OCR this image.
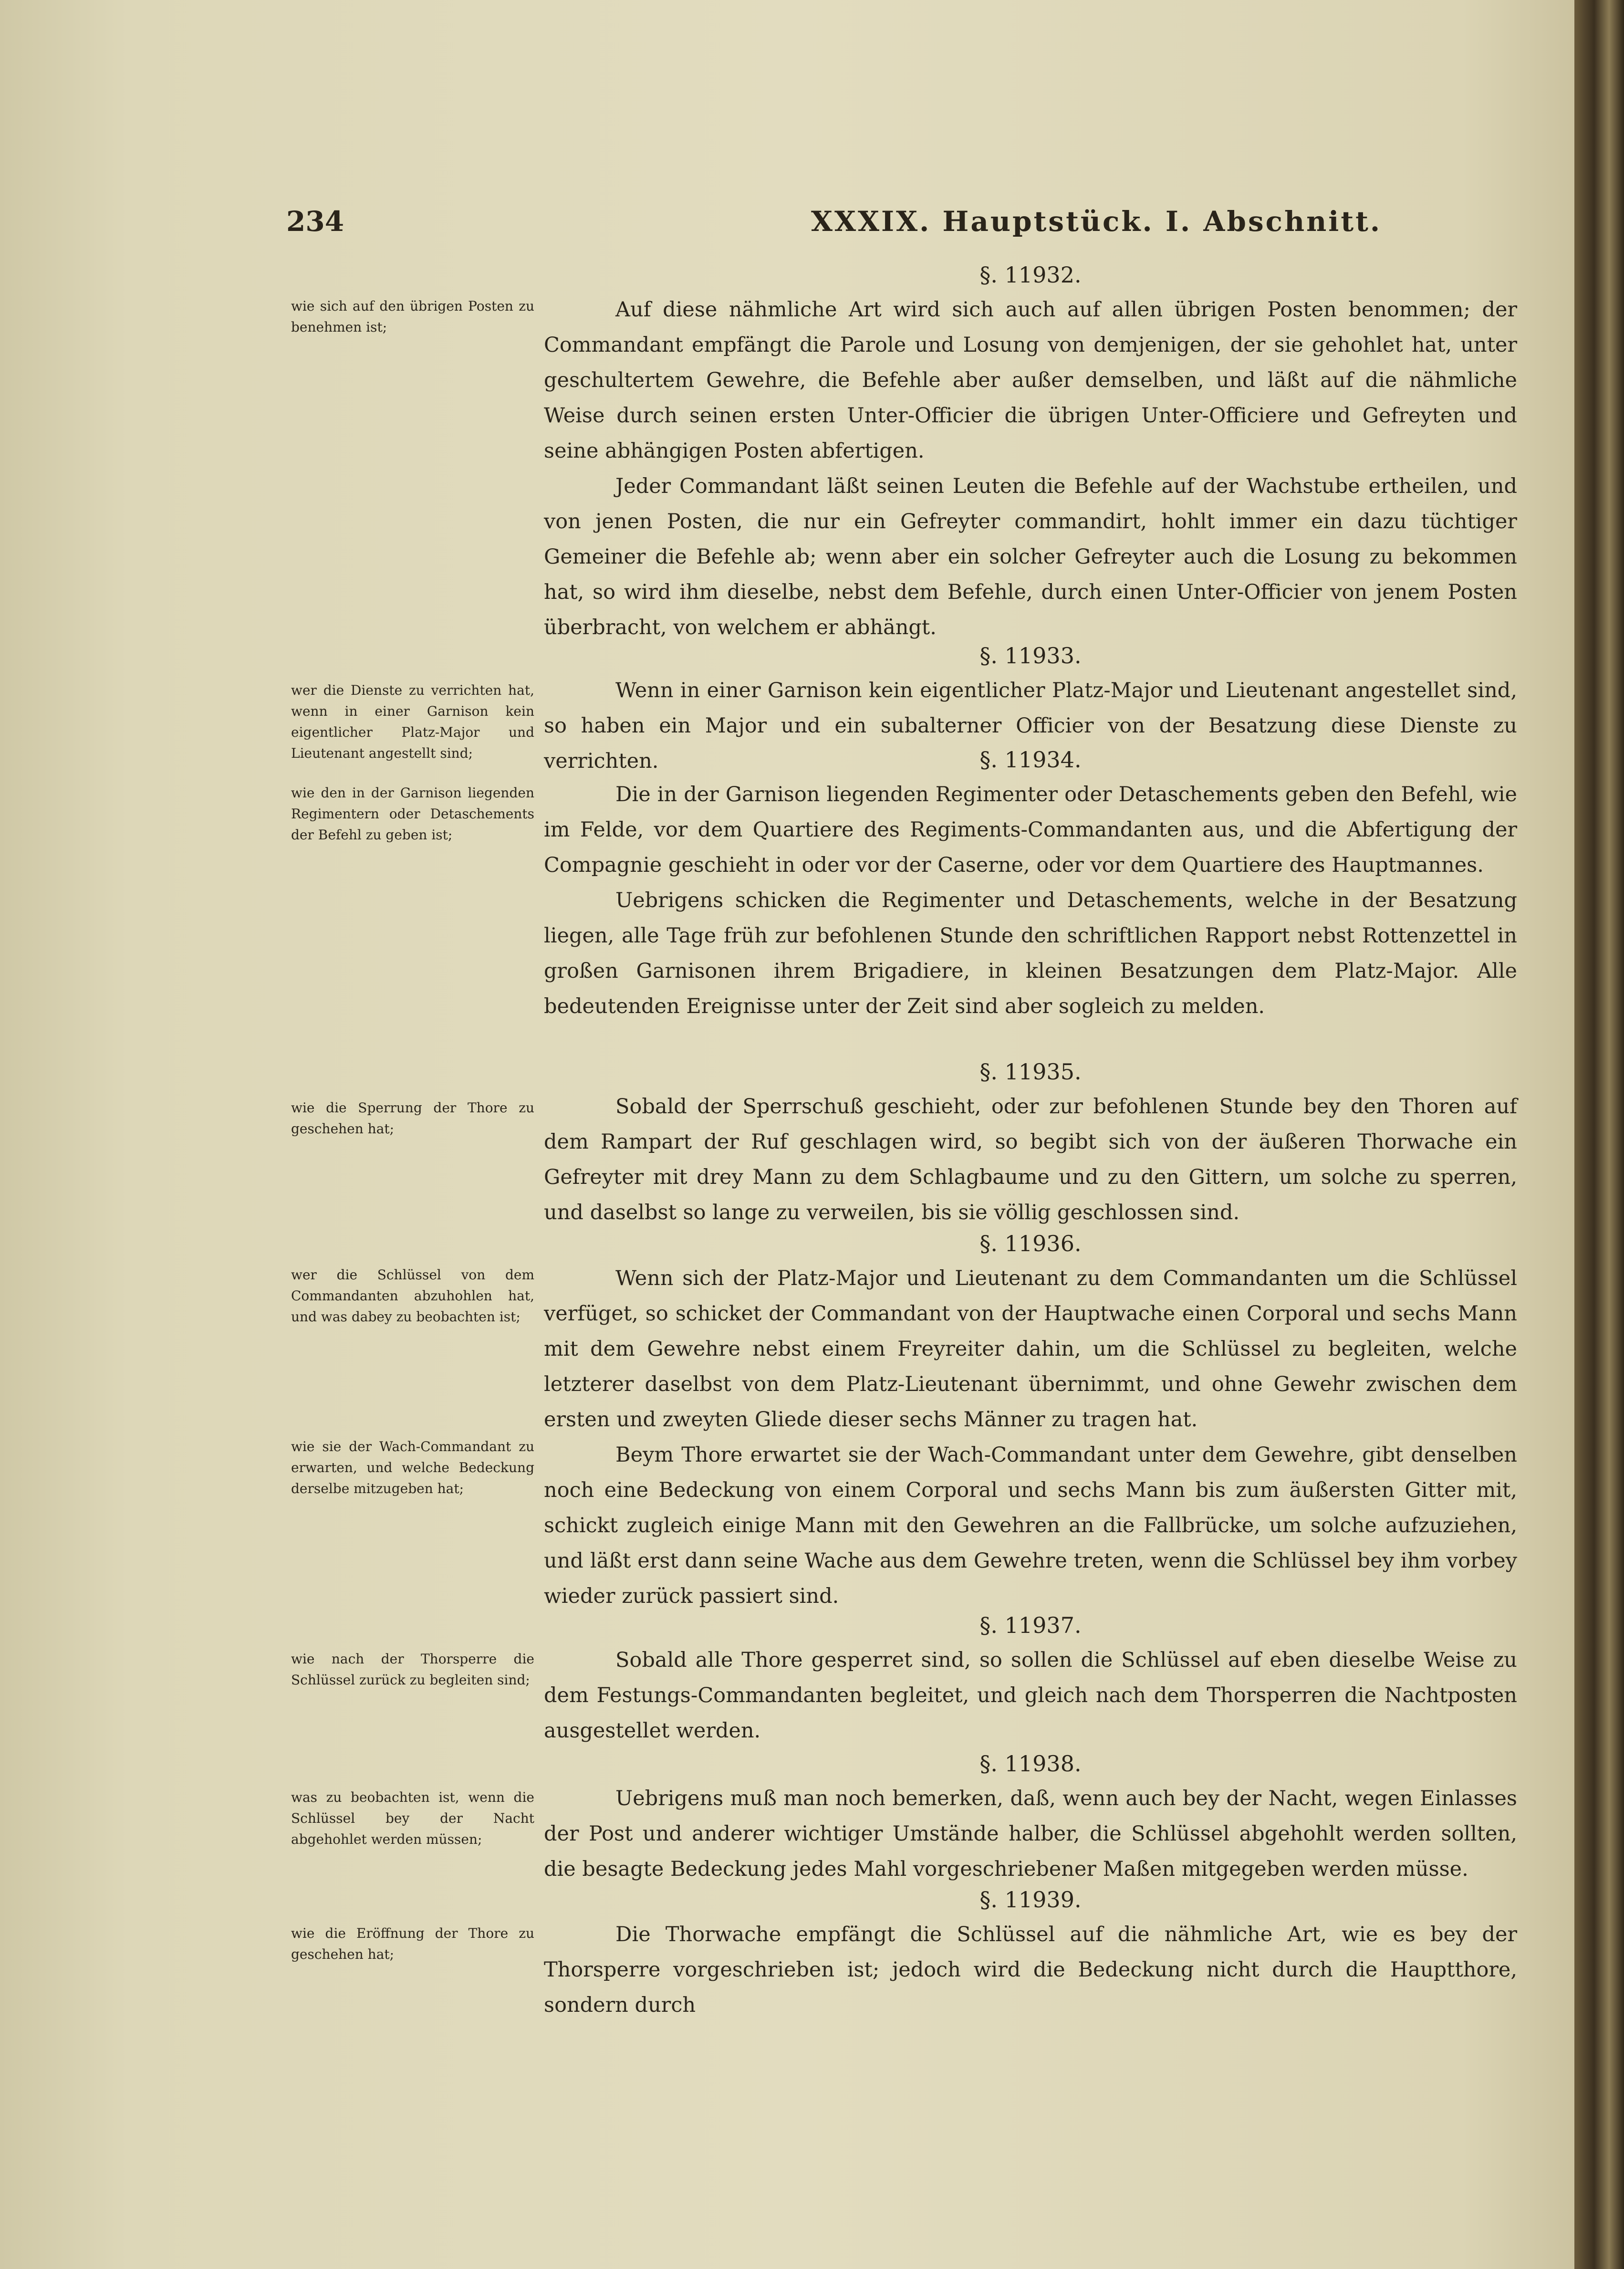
234	XXXIX. Hauptstück. I. Abschnitt.
wie sich auf den übrigen Posten zu benehmen ist;
wer die Dienste zu verrichten hat, wenn in einer Garnison kein eigentlicher Platz-Major und Lieutenant angestellt sind;
wie den in der Garnison liegenden Regimentern oder Detaschements der Befehl zu geben ist;
wie die Sperrung der Thore zu geschehen hat;
wer die Schlüssel von dem Commandanten abzuhohlen hat, und was dabey zu beobachten ist;
wie sie der Wach-Commandant zu erwarten, und welche Bedeckung derselbe mitzugeben hat;
wie nach der Thorsperre die Schlüssel zurück zu begleiten sind;
was zu beobachten ist, wenn die Schlüssel bey der Nacht abgehohlet werden müssen;
wie die Eröffnung der Thore zu geschehen hat;

§. 11932.

Auf diese nähmliche Art wird sich auch auf allen übrigen Posten benommen; der Commandant empfängt die Parole und Losung von demjenigen, der sie gehohlet hat, unter geschultertem Gewehre, die Befehle aber außer demselben, und läßt auf die nähmliche Weise durch seinen ersten Unter-Officier die übrigen Unter-Officiere und Gefreyten und seine abhängigen Posten abfertigen.

Jeder Commandant läßt seinen Leuten die Befehle auf der Wachstube ertheilen, und von jenen Posten, die nur ein Gefreyter commandirt, hohlt immer ein dazu tüchtiger Gemeiner die Befehle ab; wenn aber ein solcher Gefreyter auch die Losung zu bekommen hat, so wird ihm dieselbe, nebst dem Befehle, durch einen Unter-Officier von jenem Posten überbracht, von welchem er abhängt.

§. 11933.

Wenn in einer Garnison kein eigentlicher Platz-Major und Lieutenant angestellet sind, so haben ein Major und ein subalterner Officier von der Besatzung diese Dienste zu verrichten.	§. 11934.

Die in der Garnison liegenden Regimenter oder Detaschements geben den Befehl, wie im Felde, vor dem Quartiere des Regiments-Commandanten aus, und die Abfertigung der Compagnie geschieht in oder vor der Caserne, oder vor dem Quartiere des Hauptmannes.

Uebrigens schicken die Regimenter und Detaschements, welche in der Besatzung liegen, alle Tage früh zur befohlenen Stunde den schriftlichen Rapport nebst Rottenzettel in großen Garnisonen ihrem Brigadiere, in kleinen Besatzungen dem Platz-Major. Alle bedeutenden Ereignisse unter der Zeit sind aber sogleich zu melden.

§. 11935.

Sobald der Sperrschuß geschieht, oder zur befohlenen Stunde bey den Thoren auf dem Rampart der Ruf geschlagen wird, so begibt sich von der äußeren Thorwache ein Gefreyter mit drey Mann zu dem Schlagbaume und zu den Gittern, um solche zu sperren, und daselbst so lange zu verweilen, bis sie völlig geschlossen sind.

§. 11936.

Wenn sich der Platz-Major und Lieutenant zu dem Commandanten um die Schlüssel verfüget, so schicket der Commandant von der Hauptwache einen Corporal und sechs Mann mit dem Gewehre nebst einem Freyreiter dahin, um die Schlüssel zu begleiten, welche letzterer daselbst von dem Platz-Lieutenant übernimmt, und ohne Gewehr zwischen dem ersten und zweyten Gliede dieser sechs Männer zu tragen hat.

Beym Thore erwartet sie der Wach-Commandant unter dem Gewehre, gibt denselben noch eine Bedeckung von einem Corporal und sechs Mann bis zum äußersten Gitter mit, schickt zugleich einige Mann mit den Gewehren an die Fallbrücke, um solche aufzuziehen, und läßt erst dann seine Wache aus dem Gewehre treten, wenn die Schlüssel bey ihm vorbey wieder zurück passiert sind.

§. 11937.

Sobald alle Thore gesperret sind, so sollen die Schlüssel auf eben dieselbe Weise zu dem Festungs-Commandanten begleitet, und gleich nach dem Thorsperren die Nachtposten ausgestellet werden.

§. 11938.

Uebrigens muß man noch bemerken, daß, wenn auch bey der Nacht, wegen Einlasses der Post und anderer wichtiger Umstände halber, die Schlüssel abgehohlt werden sollten, die besagte Bedeckung jedes Mahl vorgeschriebener Maßen mitgegeben werden müsse.

§. 11939.

Die Thorwache empfängt die Schlüssel auf die nähmliche Art, wie es bey der Thorsperre vorgeschrieben ist; jedoch wird die Bedeckung nicht durch die Hauptthore, sondern durch
